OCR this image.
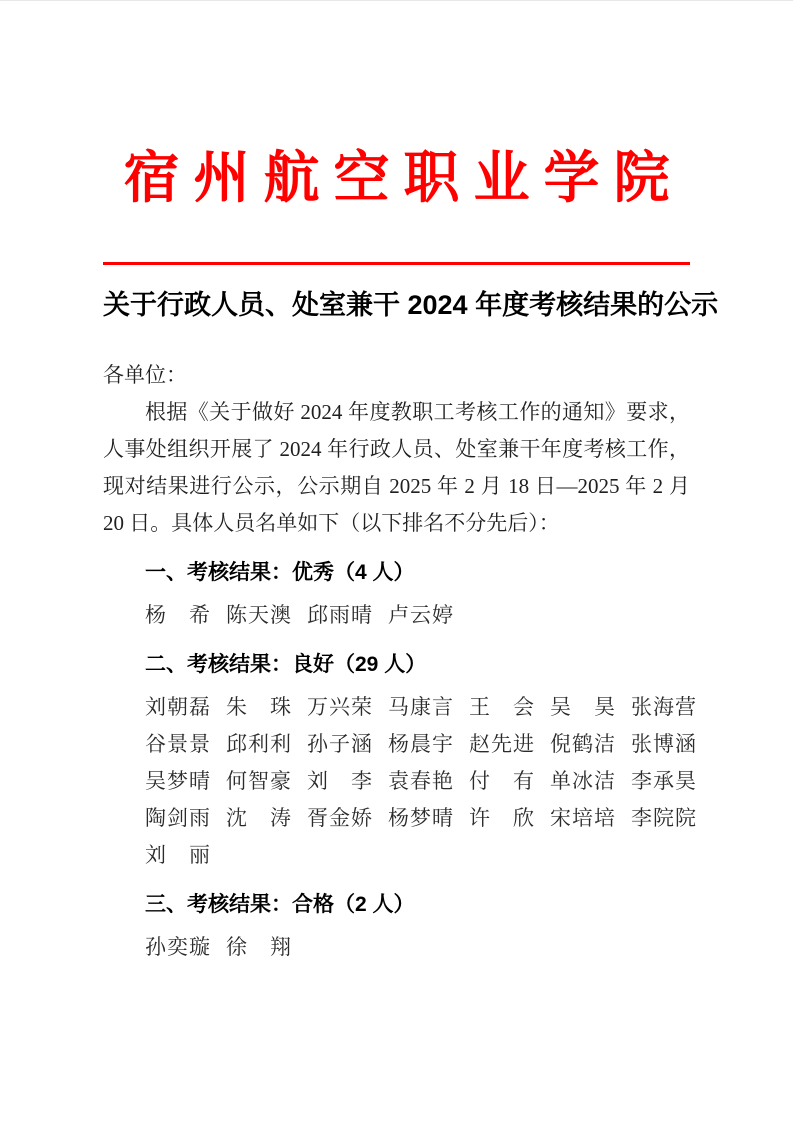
宿州航空职业学院
关于行政人员、处室兼干 2024 年度考核结果的公示

各单位：

根据《关于做好 2024 年度教职工考核工作的通知》要求，人事处组织开展了 2024 年行政人员、处室兼干年度考核工作，现对结果进行公示，公示期自 2025 年 2 月 18 日—2025 年 2 月 20 日。具体人员名单如下（以下排名不分先后）：

一、考核结果：优秀（4 人）

杨　希 陈天澳 邱雨晴 卢云婷

二、考核结果：良好（29 人）

刘朝磊 朱　珠 万兴荣 马康言 王　会 吴　昊 张海营

谷景景 邱利利 孙子涵 杨晨宇 赵先进 倪鹤洁 张博涵

吴梦晴 何智豪 刘　李 袁春艳 付　有 单冰洁 李承昊

陶剑雨 沈　涛 胥金娇 杨梦晴 许　欣 宋培培 李院院

刘　丽

三、考核结果：合格（2 人）

孙奕璇 徐　翔
